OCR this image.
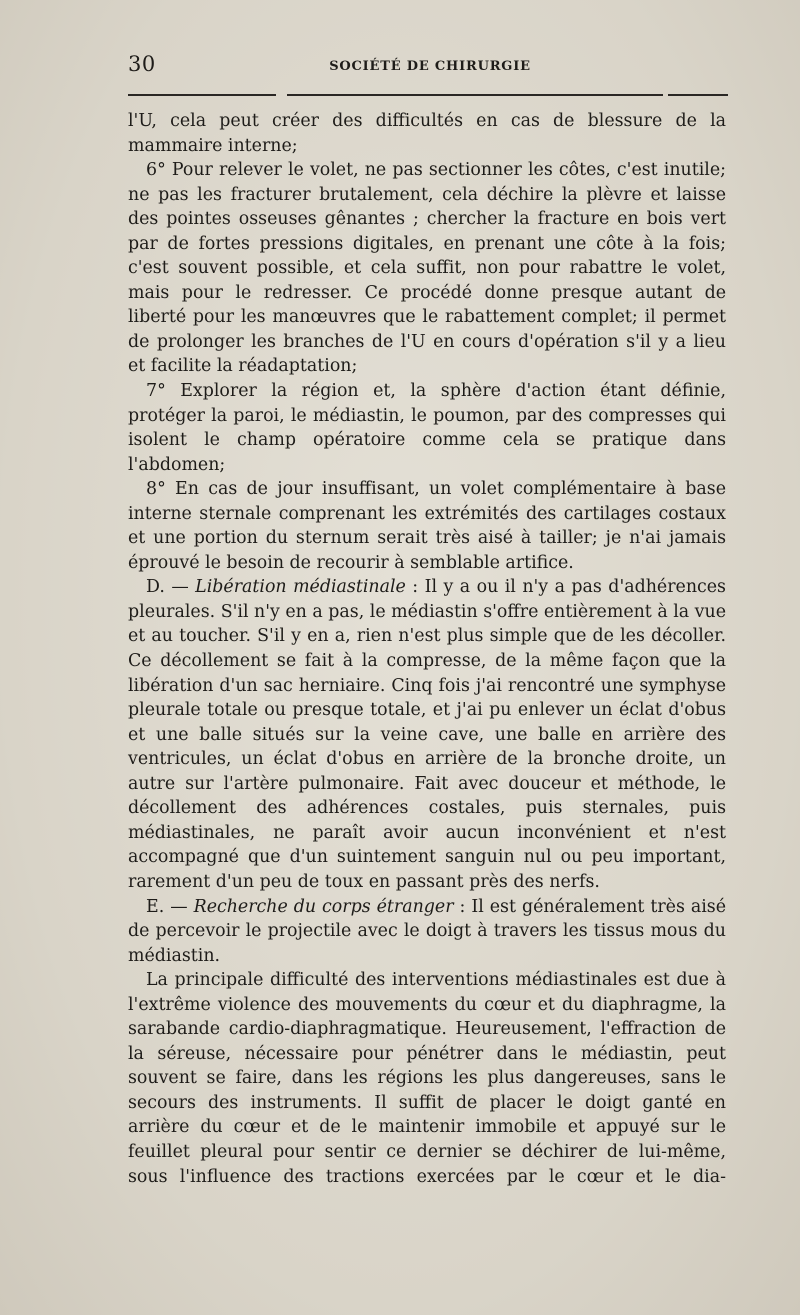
30	SOCIÉTÉ DE CHIRURGIE

l'U, cela peut créer des difficultés en cas de blessure de la mammaire interne;

6° Pour relever le volet, ne pas sectionner les côtes, c'est inutile; ne pas les fracturer brutalement, cela déchire la plèvre et laisse des pointes osseuses gênantes ; chercher la fracture en bois vert par de fortes pressions digitales, en prenant une côte à la fois; c'est souvent possible, et cela suffit, non pour rabattre le volet, mais pour le redresser. Ce procédé donne presque autant de liberté pour les manœuvres que le rabattement complet; il permet de prolonger les branches de l'U en cours d'opération s'il y a lieu et facilite la réadaptation;

7° Explorer la région et, la sphère d'action étant définie, protéger la paroi, le médiastin, le poumon, par des compresses qui isolent le champ opératoire comme cela se pratique dans l'abdomen;

8° En cas de jour insuffisant, un volet complémentaire à base interne sternale comprenant les extrémités des cartilages costaux et une portion du sternum serait très aisé à tailler; je n'ai jamais éprouvé le besoin de recourir à semblable artifice.

D. — Libération médiastinale : Il y a ou il n'y a pas d'adhérences pleurales. S'il n'y en a pas, le médiastin s'offre entièrement à la vue et au toucher. S'il y en a, rien n'est plus simple que de les décoller. Ce décollement se fait à la compresse, de la même façon que la libération d'un sac herniaire. Cinq fois j'ai rencontré une symphyse pleurale totale ou presque totale, et j'ai pu enlever un éclat d'obus et une balle situés sur la veine cave, une balle en arrière des ventricules, un éclat d'obus en arrière de la bronche droite, un autre sur l'artère pulmonaire. Fait avec douceur et méthode, le décollement des adhérences costales, puis sternales, puis médiastinales, ne paraît avoir aucun inconvénient et n'est accompagné que d'un suintement sanguin nul ou peu important, rarement d'un peu de toux en passant près des nerfs.

E. — Recherche du corps étranger : Il est généralement très aisé de percevoir le projectile avec le doigt à travers les tissus mous du médiastin.

La principale difficulté des interventions médiastinales est due à l'extrême violence des mouvements du cœur et du diaphragme, la sarabande cardio-diaphragmatique. Heureusement, l'effraction de la séreuse, nécessaire pour pénétrer dans le médiastin, peut souvent se faire, dans les régions les plus dangereuses, sans le secours des instruments. Il suffit de placer le doigt ganté en arrière du cœur et de le maintenir immobile et appuyé sur le feuillet pleural pour sentir ce dernier se déchirer de lui-même, sous l'influence des tractions exercées par le cœur et le dia-
